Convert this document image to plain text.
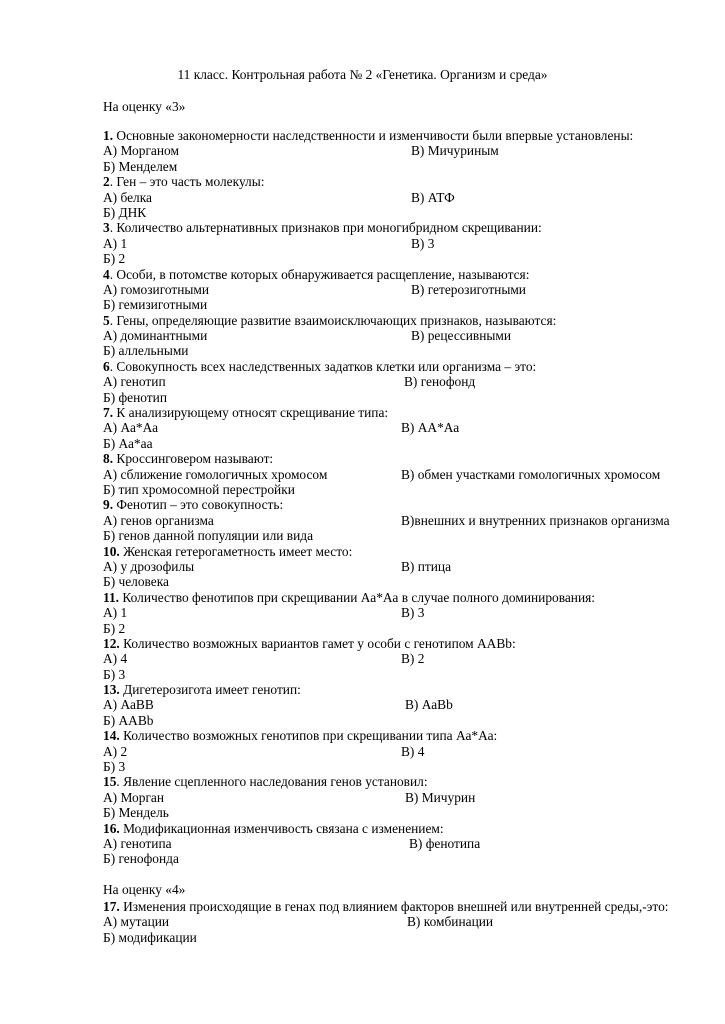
11 класс. Контрольная работа № 2 «Генетика. Организм и среда»
На оценку «3»
1. Основные закономерности наследственности и изменчивости были впервые установлены:
А) Морганом	В) Мичуриным
Б) Менделем
2. Ген – это часть молекулы:
А) белка	В) АТФ
Б) ДНК
3. Количество альтернативных признаков при моногибридном скрещивании:
А) 1	В) 3
Б) 2
4. Особи, в потомстве которых обнаруживается расщепление, называются:
А) гомозиготными	В) гетерозиготными
Б) гемизиготными
5. Гены, определяющие развитие взаимоисключающих признаков, называются:
А) доминантными	В) рецессивными
Б) аллельными
6. Совокупность всех наследственных задатков клетки или организма – это:
А) генотип	В) генофонд
Б) фенотип
7. К анализирующему относят скрещивание типа:
А) Аа*Аа	В) АА*Аа
Б) Аа*аа
8. Кроссинговером называют:
А) сближение гомологичных хромосом	В) обмен участками гомологичных хромосом
Б) тип хромосомной перестройки
9. Фенотип – это совокупность:
А) генов организма	В)внешних и внутренних признаков организма
Б) генов данной популяции или вида
10. Женская гетерогаметность имеет место:
А) у дрозофилы	В) птица
Б) человека
11. Количество фенотипов при скрещивании Аа*Аа в случае полного доминирования:
А) 1	В) 3
Б) 2
12. Количество возможных вариантов гамет у особи с генотипом ААВb:
А) 4	В) 2
Б) 3
13. Дигетерозигота имеет генотип:
А) АаВВ	В) АаВb
Б) ААВb
14. Количество возможных генотипов при скрещивании типа Аа*Аа:
А) 2	В) 4
Б) 3
15. Явление сцепленного наследования генов установил:
А) Морган	В) Мичурин
Б) Мендель
16. Модификационная изменчивость связана с изменением:
А) генотипа	В) фенотипа
Б) генофонда
На оценку «4»
17. Изменения происходящие в генах под влиянием факторов внешней или внутренней среды,-это:
А) мутации	В) комбинации
Б) модификации
